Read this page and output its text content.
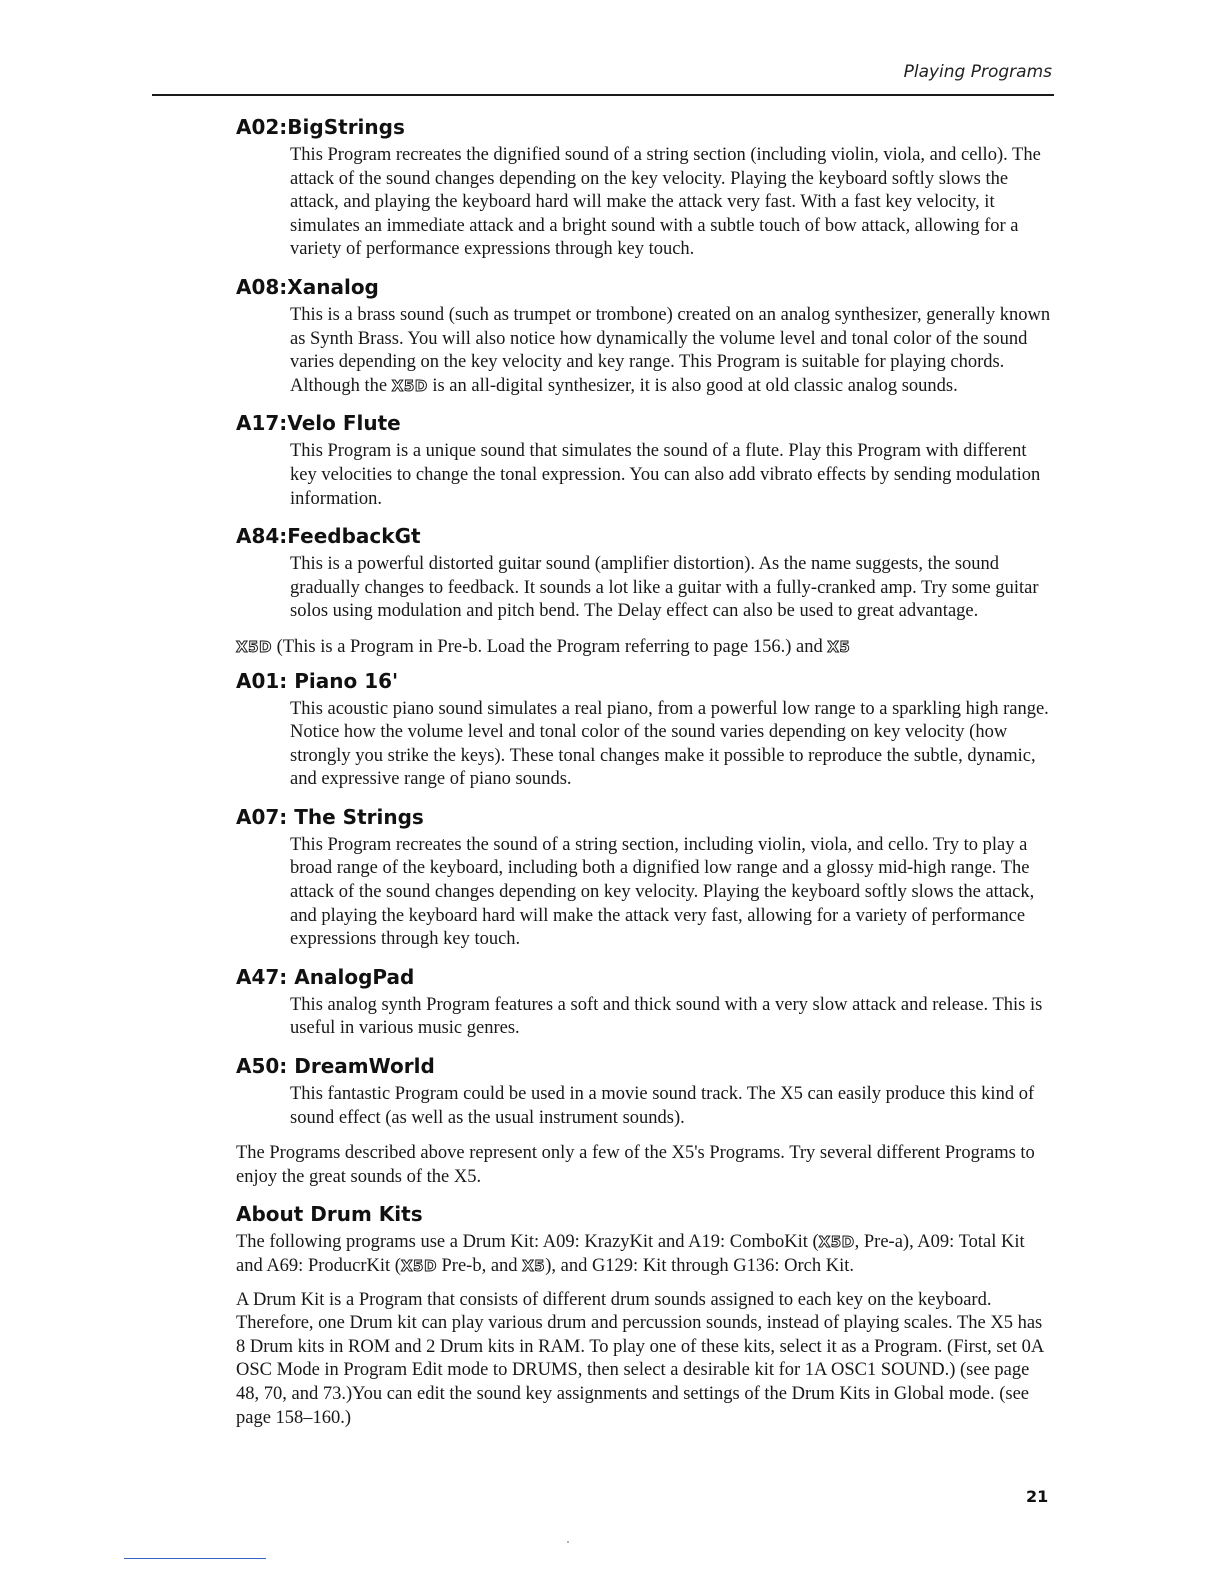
Playing Programs
A02:BigStrings

This Program recreates the dignified sound of a string section (including violin, viola, and cello). The attack of the sound changes depending on the key velocity. Playing the keyboard softly slows the attack, and playing the keyboard hard will make the attack very fast. With a fast key velocity, it simulates an immediate attack and a bright sound with a subtle touch of bow attack, allowing for a variety of performance expressions through key touch.

A08:Xanalog

This is a brass sound (such as trumpet or trombone) created on an analog synthesizer, generally known as Synth Brass. You will also notice how dynamically the volume level and tonal color of the sound varies depending on the key velocity and key range. This Program is suitable for playing chords. Although the X5D is an all-digital synthesizer, it is also good at old classic analog sounds.

A17:Velo Flute

This Program is a unique sound that simulates the sound of a flute. Play this Program with different key velocities to change the tonal expression. You can also add vibrato effects by sending modulation information.

A84:FeedbackGt

This is a powerful distorted guitar sound (amplifier distortion). As the name suggests, the sound gradually changes to feedback. It sounds a lot like a guitar with a fully-cranked amp. Try some guitar solos using modulation and pitch bend. The Delay effect can also be used to great advantage.

X5D (This is a Program in Pre-b. Load the Program referring to page 156.) and X5

A01: Piano 16'

This acoustic piano sound simulates a real piano, from a powerful low range to a sparkling high range. Notice how the volume level and tonal color of the sound varies depending on key velocity (how strongly you strike the keys). These tonal changes make it possible to reproduce the subtle, dynamic, and expressive range of piano sounds.

A07: The Strings

This Program recreates the sound of a string section, including violin, viola, and cello. Try to play a broad range of the keyboard, including both a dignified low range and a glossy mid-high range. The attack of the sound changes depending on key velocity. Playing the keyboard softly slows the attack, and playing the keyboard hard will make the attack very fast, allowing for a variety of performance expressions through key touch.

A47: AnalogPad

This analog synth Program features a soft and thick sound with a very slow attack and release. This is useful in various music genres.

A50: DreamWorld

This fantastic Program could be used in a movie sound track. The X5 can easily produce this kind of sound effect (as well as the usual instrument sounds).

The Programs described above represent only a few of the X5's Programs. Try several different Programs to enjoy the great sounds of the X5.

About Drum Kits

The following programs use a Drum Kit: A09: KrazyKit and A19: ComboKit (X5D, Pre-a), A09: Total Kit and A69: ProducrKit (X5D Pre-b, and X5), and G129: Kit through G136: Orch Kit.

A Drum Kit is a Program that consists of different drum sounds assigned to each key on the keyboard. Therefore, one Drum kit can play various drum and percussion sounds, instead of playing scales. The X5 has 8 Drum kits in ROM and 2 Drum kits in RAM. To play one of these kits, select it as a Program. (First, set 0A OSC Mode in Program Edit mode to DRUMS, then select a desirable kit for 1A OSC1 SOUND.) (see page 48, 70, and 73.)You can edit the sound key assignments and settings of the Drum Kits in Global mode. (see page 158–160.)

21
